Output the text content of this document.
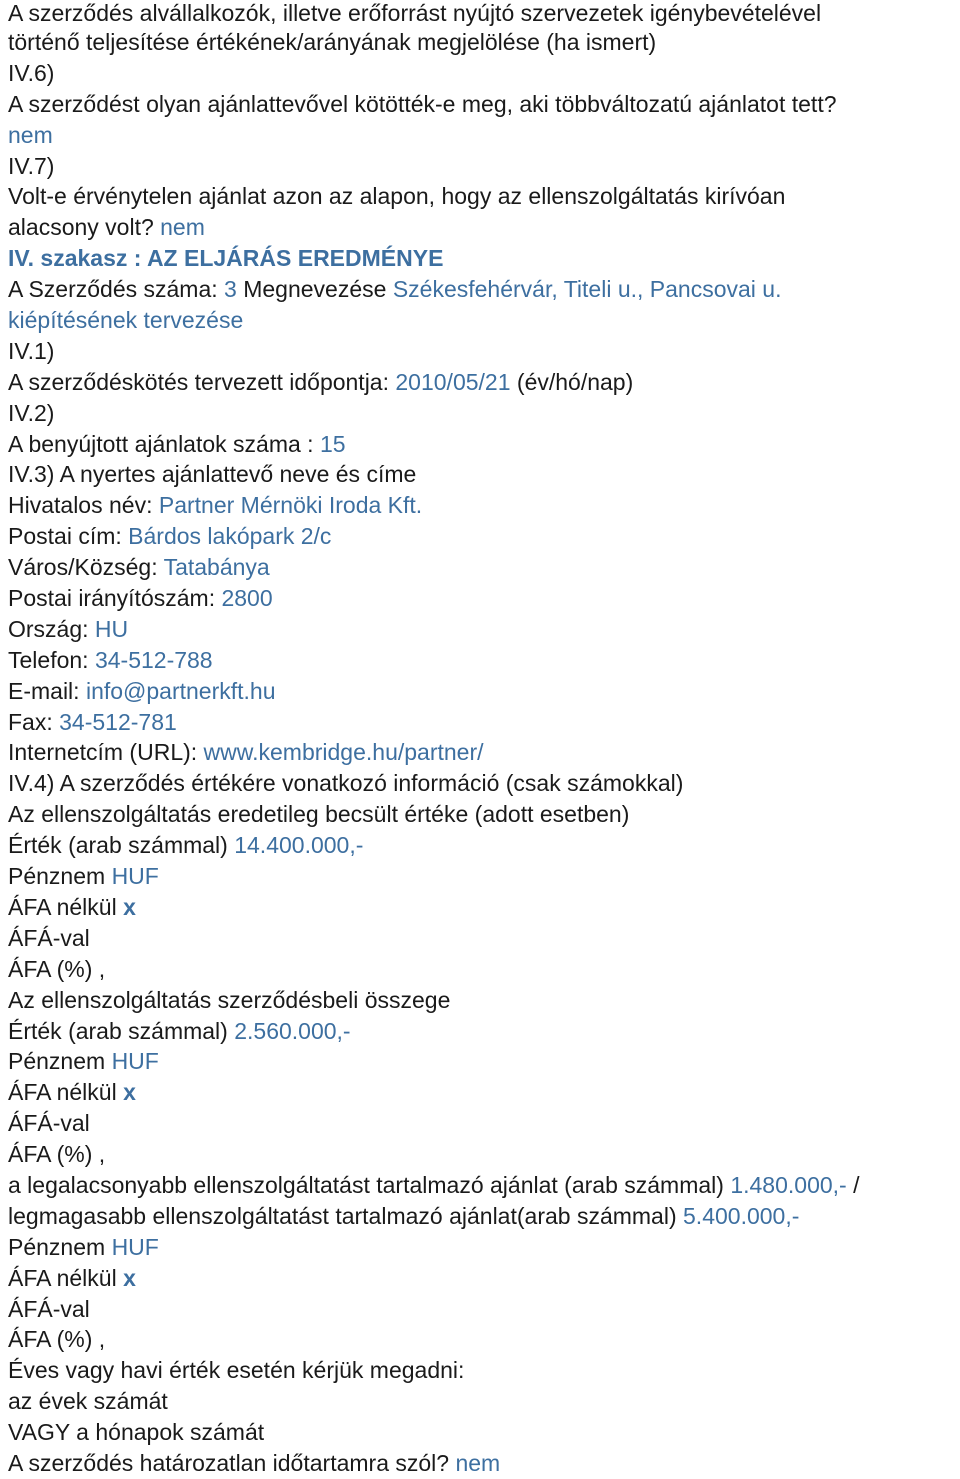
A szerződés alvállalkozók, illetve erőforrást nyújtó szervezetek igénybevételével
történő teljesítése értékének/arányának megjelölése (ha ismert)
IV.6)
A szerződést olyan ajánlattevővel kötötték-e meg, aki többváltozatú ajánlatot tett?
nem
IV.7)
Volt-e érvénytelen ajánlat azon az alapon, hogy az ellenszolgáltatás kirívóan
alacsony volt? nem
IV. szakasz : AZ ELJÁRÁS EREDMÉNYE
A Szerződés száma: 3 Megnevezése Székesfehérvár, Titeli u., Pancsovai u.
kiépítésének tervezése
IV.1)
A szerződéskötés tervezett időpontja: 2010/05/21 (év/hó/nap)
IV.2)
A benyújtott ajánlatok száma : 15
IV.3) A nyertes ajánlattevő neve és címe
Hivatalos név: Partner Mérnöki Iroda Kft.
Postai cím: Bárdos lakópark 2/c
Város/Község: Tatabánya
Postai irányítószám: 2800
Ország: HU
Telefon: 34-512-788
E-mail: info@partnerkft.hu
Fax: 34-512-781
Internetcím (URL): www.kembridge.hu/partner/
IV.4) A szerződés értékére vonatkozó információ (csak számokkal)
Az ellenszolgáltatás eredetileg becsült értéke (adott esetben)
Érték (arab számmal) 14.400.000,-
Pénznem HUF
ÁFA nélkül x
ÁFÁ-val
ÁFA (%) ,
Az ellenszolgáltatás szerződésbeli összege
Érték (arab számmal) 2.560.000,-
Pénznem HUF
ÁFA nélkül x
ÁFÁ-val
ÁFA (%) ,
a legalacsonyabb ellenszolgáltatást tartalmazó ajánlat (arab számmal) 1.480.000,- /
legmagasabb ellenszolgáltatást tartalmazó ajánlat(arab számmal) 5.400.000,-
Pénznem HUF
ÁFA nélkül x
ÁFÁ-val
ÁFA (%) ,
Éves vagy havi érték esetén kérjük megadni:
az évek számát
VAGY a hónapok számát
A szerződés határozatlan időtartamra szól? nem
